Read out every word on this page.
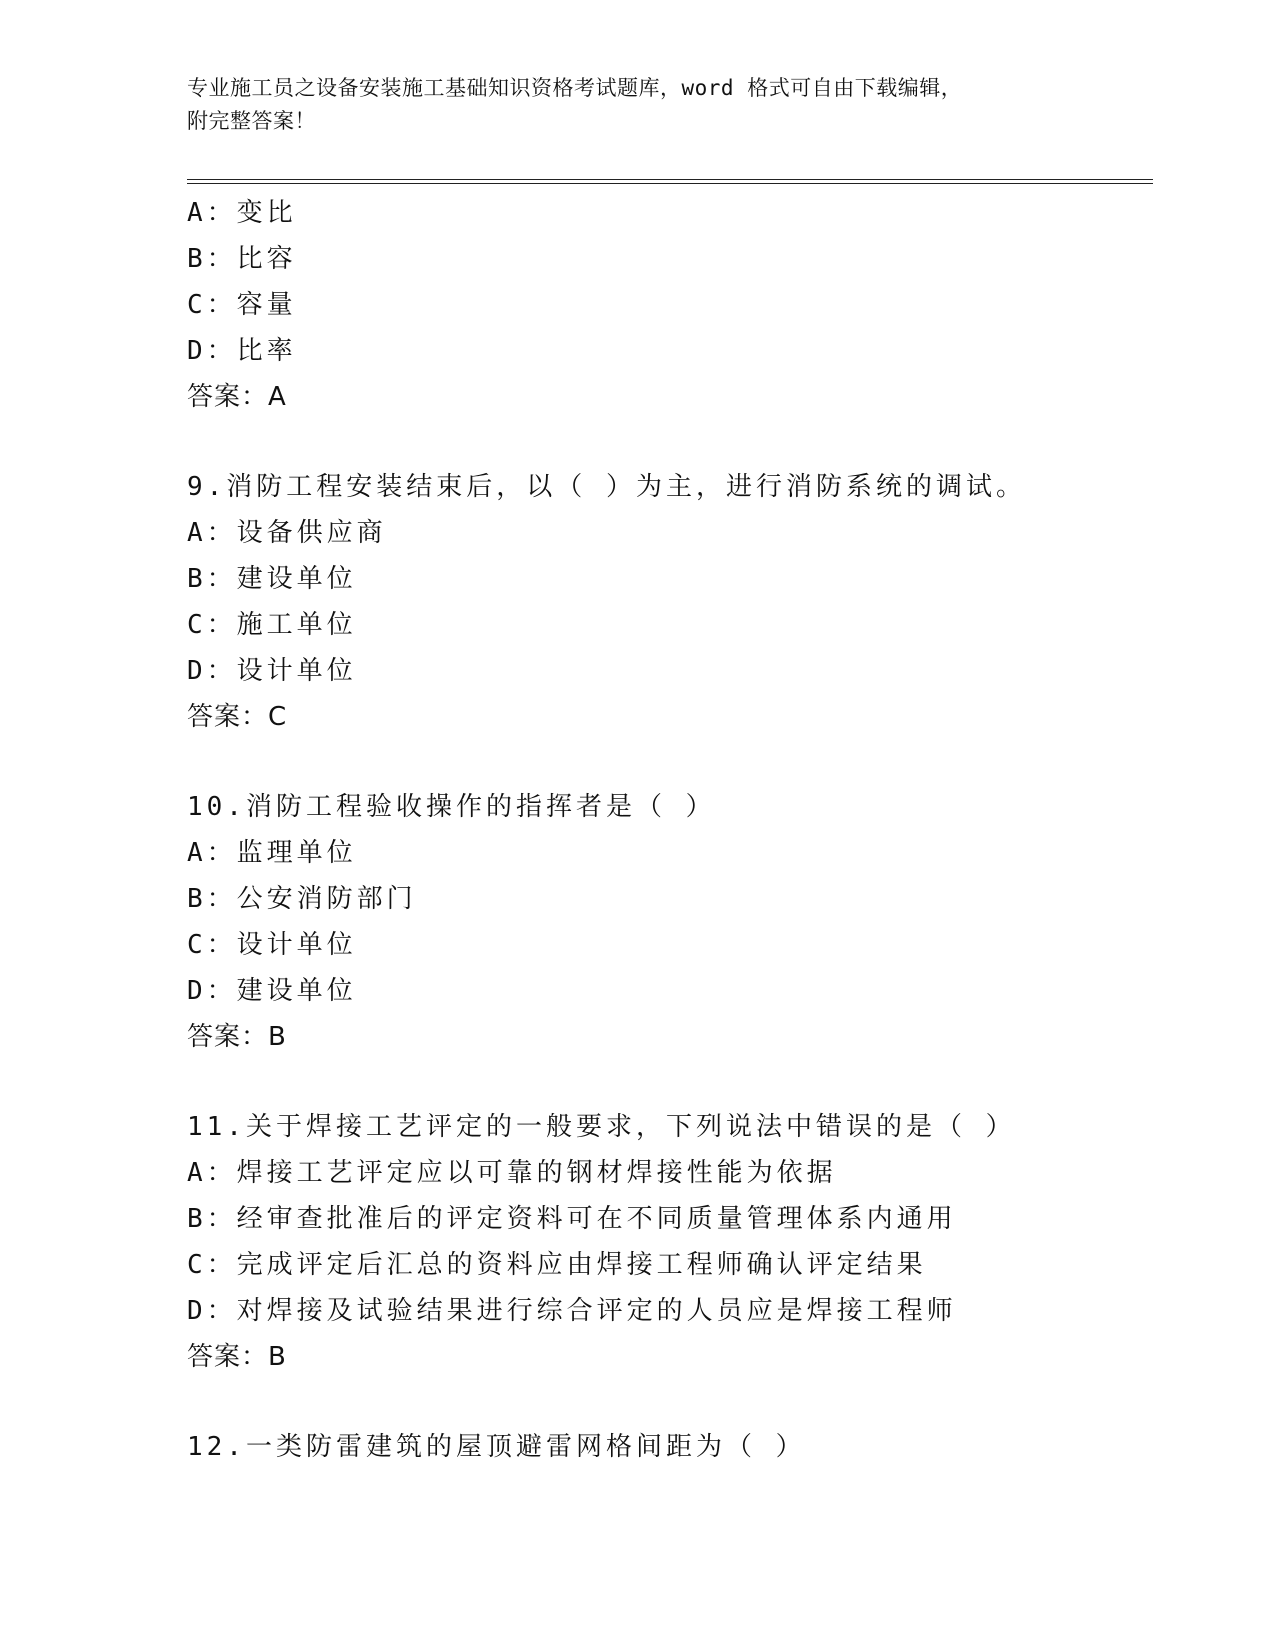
专业施工员之设备安装施工基础知识资格考试题库，word 格式可自由下载编辑，
附完整答案！
A：变比
B：比容
C：容量
D：比率
答案：A
9.消防工程安装结束后，以（ ）为主，进行消防系统的调试。
A：设备供应商
B：建设单位
C：施工单位
D：设计单位
答案：C
10.消防工程验收操作的指挥者是（ ）
A：监理单位
B：公安消防部门
C：设计单位
D：建设单位
答案：B
11.关于焊接工艺评定的一般要求，下列说法中错误的是（ ）
A：焊接工艺评定应以可靠的钢材焊接性能为依据
B：经审查批准后的评定资料可在不同质量管理体系内通用
C：完成评定后汇总的资料应由焊接工程师确认评定结果
D：对焊接及试验结果进行综合评定的人员应是焊接工程师
答案：B
12.一类防雷建筑的屋顶避雷网格间距为（ ）
